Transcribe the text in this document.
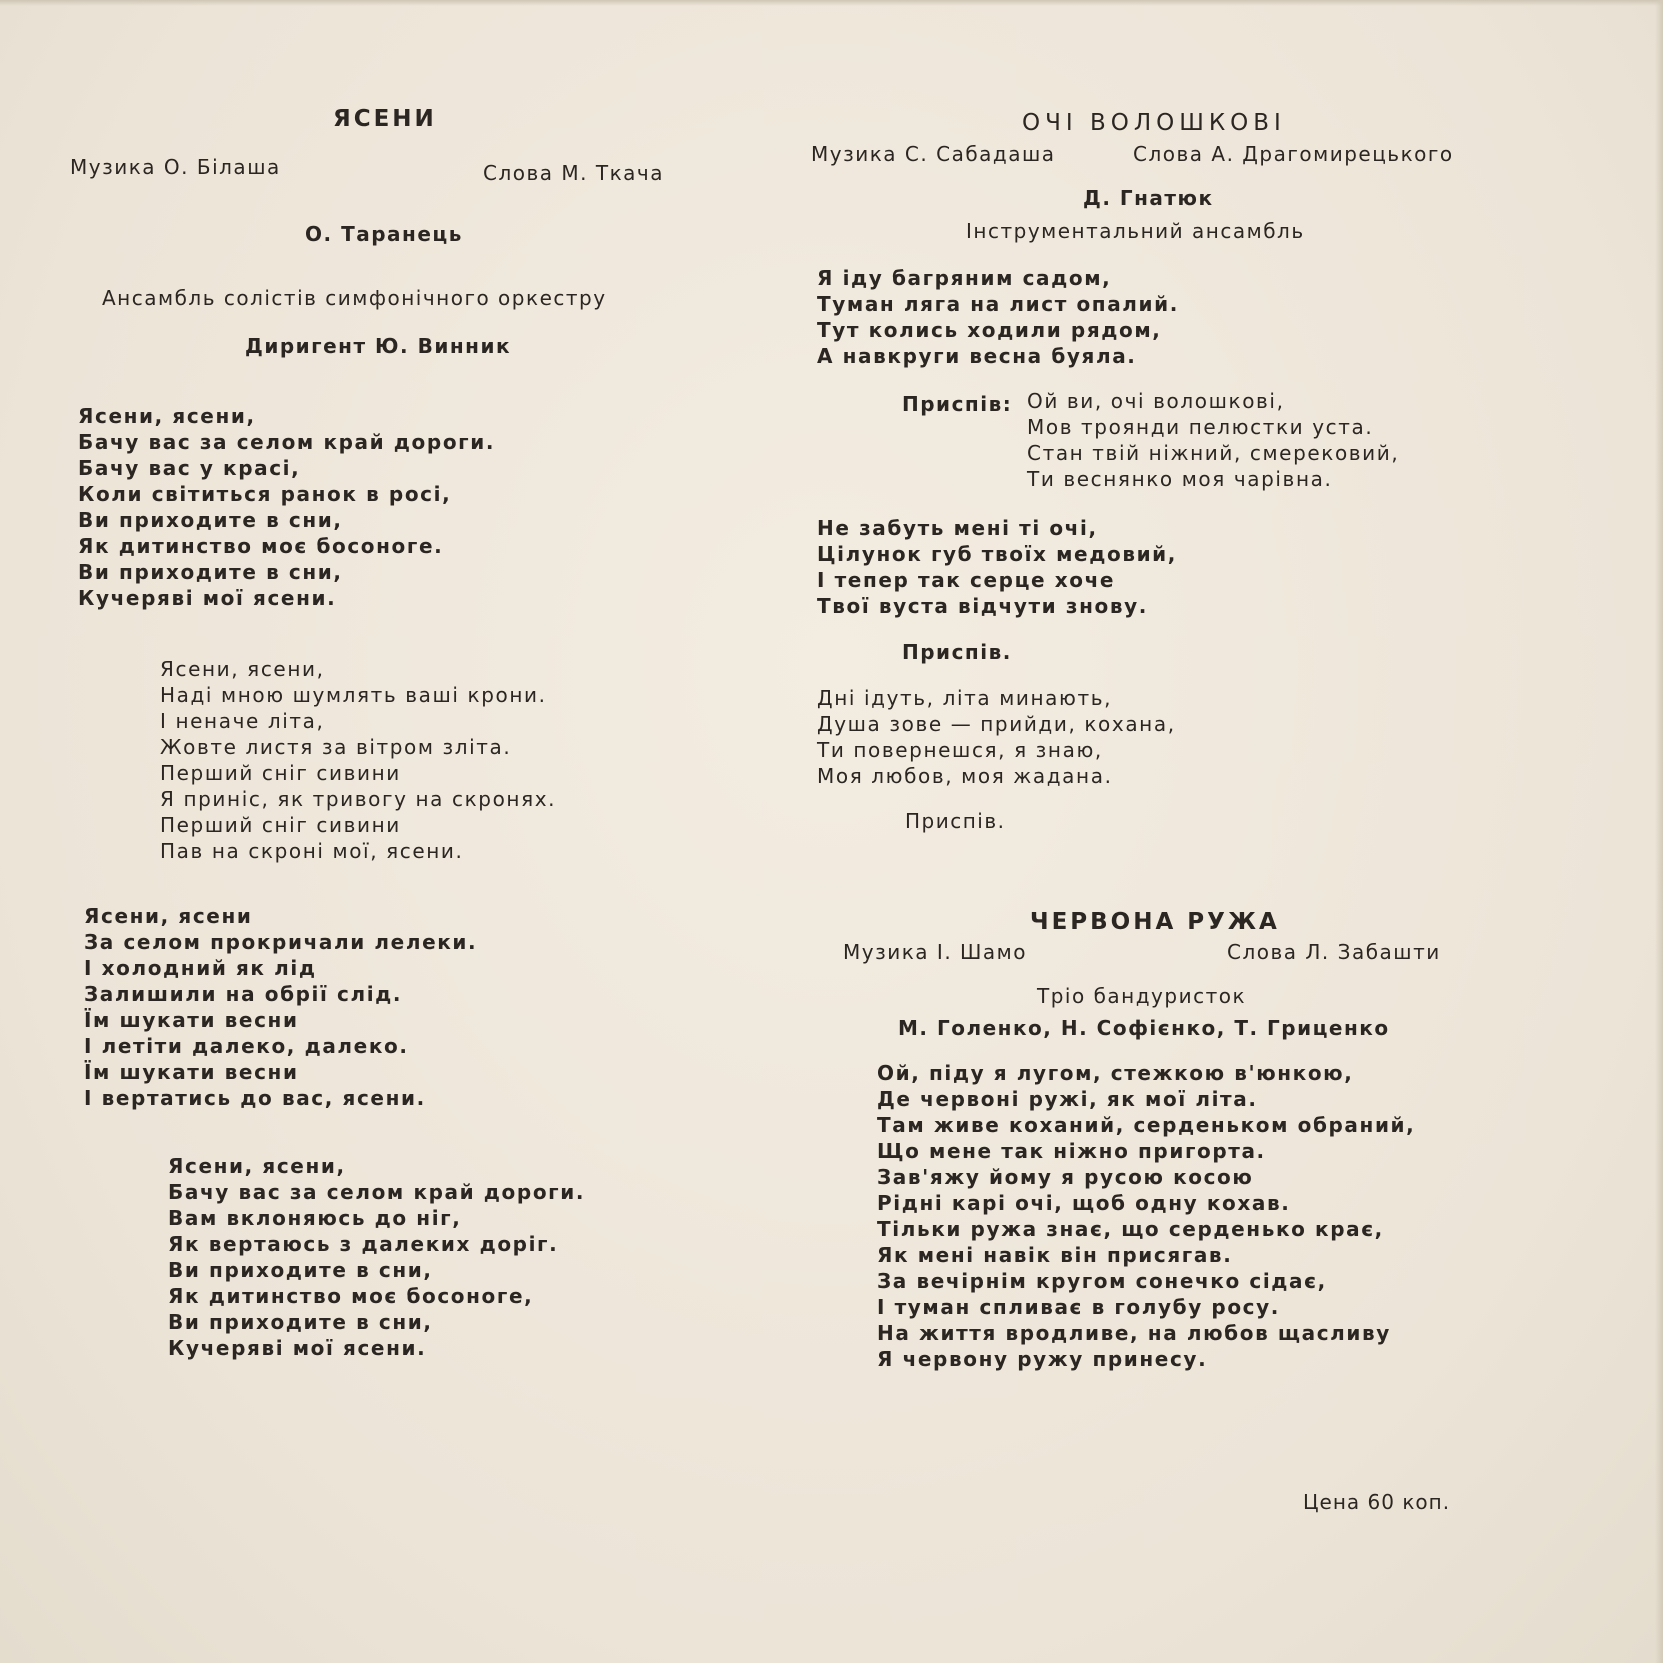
ЯСЕНИ

Музика О. Білаша	Слова М. Ткача

О. Таранець

Ансамбль солістів симфонічного оркестру

Диригент Ю. Винник

Ясени, ясени,
Бачу вас за селом край дороги.
Бачу вас у красі,
Коли світиться ранок в росі,
Ви приходите в сни,
Як дитинство моє босоноге.
Ви приходите в сни,
Кучеряві мої ясени.
Ясени, ясени,
Наді мною шумлять ваші крони.
І неначе літа,
Жовте листя за вітром зліта.
Перший сніг сивини
Я приніс, як тривогу на скронях.
Перший сніг сивини
Пав на скроні мої, ясени.
Ясени, ясени
За селом прокричали лелеки.
І холодний як лід
Залишили на обрії слід.
Їм шукати весни
І летіти далеко, далеко.
Їм шукати весни
І вертатись до вас, ясени.
Ясени, ясени,
Бачу вас за селом край дороги.
Вам вклоняюсь до ніг,
Як вертаюсь з далеких доріг.
Ви приходите в сни,
Як дитинство моє босоноге,
Ви приходите в сни,
Кучеряві мої ясени.
ОЧІ ВОЛОШКОВІ

Музика С. Сабадаша	Слова А. Драгомирецького

Д. Гнатюк

Інструментальний ансамбль

Я іду багряним садом,
Туман ляга на лист опалий.
Тут колись ходили рядом,
А навкруги весна буяла.

Приспів: Ой ви, очі волошкові,
Мов троянди пелюстки уста.
Стан твій ніжний, смерековий,
Ти веснянко моя чарівна.
Не забуть мені ті очі,
Цілунок губ твоїх медовий,
І тепер так серце хоче
Твої вуста відчути знову.

Приспів.

Дні ідуть, літа минають,
Душа зове — прийди, кохана,
Ти повернешся, я знаю,
Моя любов, моя жадана.

Приспів.

ЧЕРВОНА РУЖА

Музика І. Шамо	Слова Л. Забашти

Тріо бандуристок

М. Голенко, Н. Софієнко, Т. Гриценко

Ой, піду я лугом, стежкою в'юнкою,
Де червоні ружі, як мої літа.
Там живе коханий, серденьком обраний,
Що мене так ніжно пригорта.
Зав'яжу йому я русою косою
Рідні карі очі, щоб одну кохав.
Тільки ружа знає, що серденько крає,
Як мені навік він присягав.
За вечірнім кругом сонечко сідає,
І туман спливає в голубу росу.
На життя вродливе, на любов щасливу
Я червону ружу принесу.

Цена 60 коп.
